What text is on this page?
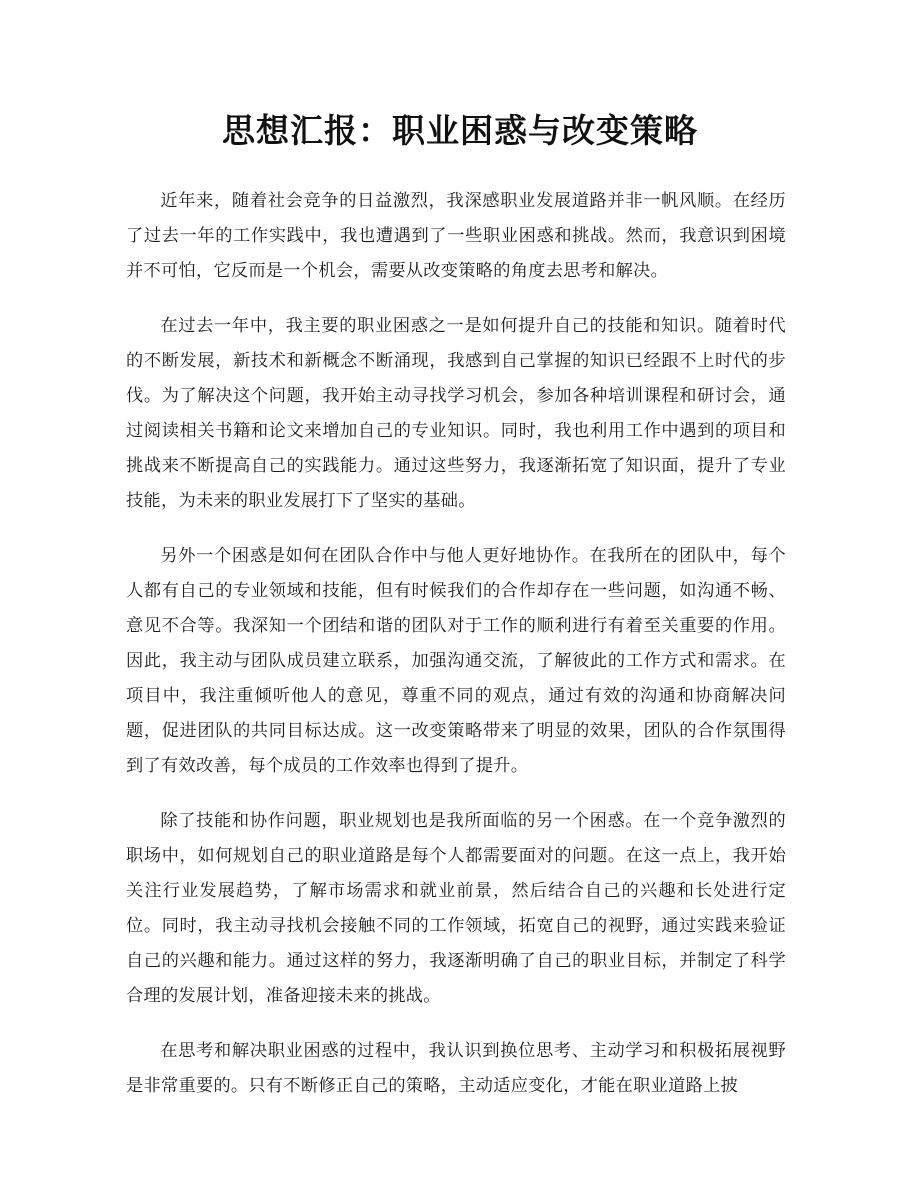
思想汇报：职业困惑与改变策略

近年来，随着社会竞争的日益激烈，我深感职业发展道路并非一帆风顺。在经历了过去一年的工作实践中，我也遭遇到了一些职业困惑和挑战。然而，我意识到困境并不可怕，它反而是一个机会，需要从改变策略的角度去思考和解决。

在过去一年中，我主要的职业困惑之一是如何提升自己的技能和知识。随着时代的不断发展，新技术和新概念不断涌现，我感到自己掌握的知识已经跟不上时代的步伐。为了解决这个问题，我开始主动寻找学习机会，参加各种培训课程和研讨会，通过阅读相关书籍和论文来增加自己的专业知识。同时，我也利用工作中遇到的项目和挑战来不断提高自己的实践能力。通过这些努力，我逐渐拓宽了知识面，提升了专业技能，为未来的职业发展打下了坚实的基础。

另外一个困惑是如何在团队合作中与他人更好地协作。在我所在的团队中，每个人都有自己的专业领域和技能，但有时候我们的合作却存在一些问题，如沟通不畅、意见不合等。我深知一个团结和谐的团队对于工作的顺利进行有着至关重要的作用。因此，我主动与团队成员建立联系，加强沟通交流，了解彼此的工作方式和需求。在项目中，我注重倾听他人的意见，尊重不同的观点，通过有效的沟通和协商解决问题，促进团队的共同目标达成。这一改变策略带来了明显的效果，团队的合作氛围得到了有效改善，每个成员的工作效率也得到了提升。

除了技能和协作问题，职业规划也是我所面临的另一个困惑。在一个竞争激烈的职场中，如何规划自己的职业道路是每个人都需要面对的问题。在这一点上，我开始关注行业发展趋势，了解市场需求和就业前景，然后结合自己的兴趣和长处进行定位。同时，我主动寻找机会接触不同的工作领域，拓宽自己的视野，通过实践来验证自己的兴趣和能力。通过这样的努力，我逐渐明确了自己的职业目标，并制定了科学合理的发展计划，准备迎接未来的挑战。

在思考和解决职业困惑的过程中，我认识到换位思考、主动学习和积极拓展视野是非常重要的。只有不断修正自己的策略，主动适应变化，才能在职业道路上披
